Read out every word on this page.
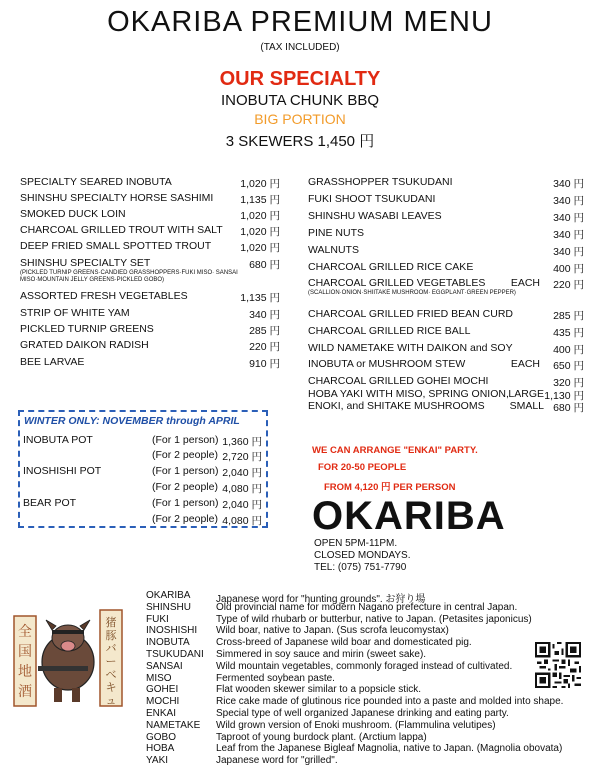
OKARIBA PREMIUM MENU
(TAX INCLUDED)
OUR SPECIALTY
INOBUTA CHUNK BBQ
BIG PORTION
3 SKEWERS 1,450 円
SPECIALTY SEARED INOBUTA	1,020 円
SHINSHU SPECIALTY HORSE SASHIMI	1,135 円
SMOKED DUCK LOIN	1,020 円
CHARCOAL GRILLED TROUT WITH SALT 1,020 円
DEEP FRIED SMALL SPOTTED TROUT	1,020 円
SHINSHU SPECIALTY SET	680 円
(PICKLED TURNIP GREENS·CANDIED GRASSHOPPERS·FUKI MISO· SANSAI MISO·MOUNTAIN JELLY GREENS·PICKLED GOBO)
ASSORTED FRESH VEGETABLES	1,135 円
STRIP OF WHITE YAM	340 円
PICKLED TURNIP GREENS	285 円
GRATED DAIKON RADISH	220 円
BEE LARVAE	910 円
GRASSHOPPER TSUKUDANI	340 円
FUKI SHOOT TSUKUDANI	340 円
SHINSHU WASABI LEAVES	340 円
PINE NUTS	340 円
WALNUTS	340 円
CHARCOAL GRILLED RICE CAKE	400 円
CHARCOAL GRILLED VEGETABLES EACH 220 円
(SCALLION·ONION·SHIITAKE MUSHROOM· EGGPLANT·GREEN PEPPER)
CHARCOAL GRILLED FRIED BEAN CURD	285 円
CHARCOAL GRILLED RICE BALL	435 円
WILD NAMETAKE WITH DAIKON and SOY	400 円
INOBUTA or MUSHROOM STEW	EACH 650 円
CHARCOAL GRILLED GOHEI MOCHI	320 円
HOBA YAKI WITH MISO, SPRING ONION, LARGE 1,130 円
ENOKI, and SHITAKE MUSHROOMS SMALL 680 円
WINTER ONLY: NOVEMBER through APRIL
INOBUTA POT	(For 1 person) 1,360 円
(For 2 people) 2,720 円
INOSHISHI POT	(For 1 person) 2,040 円
(For 2 people) 4,080 円
BEAR POT	(For 1 person) 2,040 円
(For 2 people) 4,080 円
WE CAN ARRANGE "ENKAI" PARTY.
FOR 20-50 PEOPLE
FROM 4,120 円 PER PERSON
OKARIBA
OPEN 5PM-11PM.
CLOSED MONDAYS.
TEL: (075) 751-7790
全
国
地
酒
猪
豚
バ
ー
べ
キ
ュ
OKARIBA	Japanese word for "hunting grounds". お狩り場
SHINSHU Old provincial name for modern Nagano prefecture in central Japan.
FUKI	Type of wild rhubarb or butterbur, native to Japan. (Petasites japonicus)
INOSHISHI Wild boar, native to Japan. (Sus scrofa leucomystax)
INOBUTA	Cross-breed of Japanese wild boar and domesticated pig.
TSUKUDANI Simmered in soy sauce and mirin (sweet sake).
SANSAI	Wild mountain vegetables, commonly foraged instead of cultivated.
MISO	Fermented soybean paste.
GOHEI	Flat wooden skewer similar to a popsicle stick.
MOCHI	Rice cake made of glutinous rice pounded into a paste and molded into shape.
ENKAI	Special type of well organized Japanese drinking and eating party.
NAMETAKE Wild grown version of Enoki mushroom. (Flammulina velutipes)
GOBO	Taproot of young burdock plant. (Arctium lappa)
HOBA	Leaf from the Japanese Bigleaf Magnolia, native to Japan. (Magnolia obovata)
YAKI	Japanese word for "grilled".
